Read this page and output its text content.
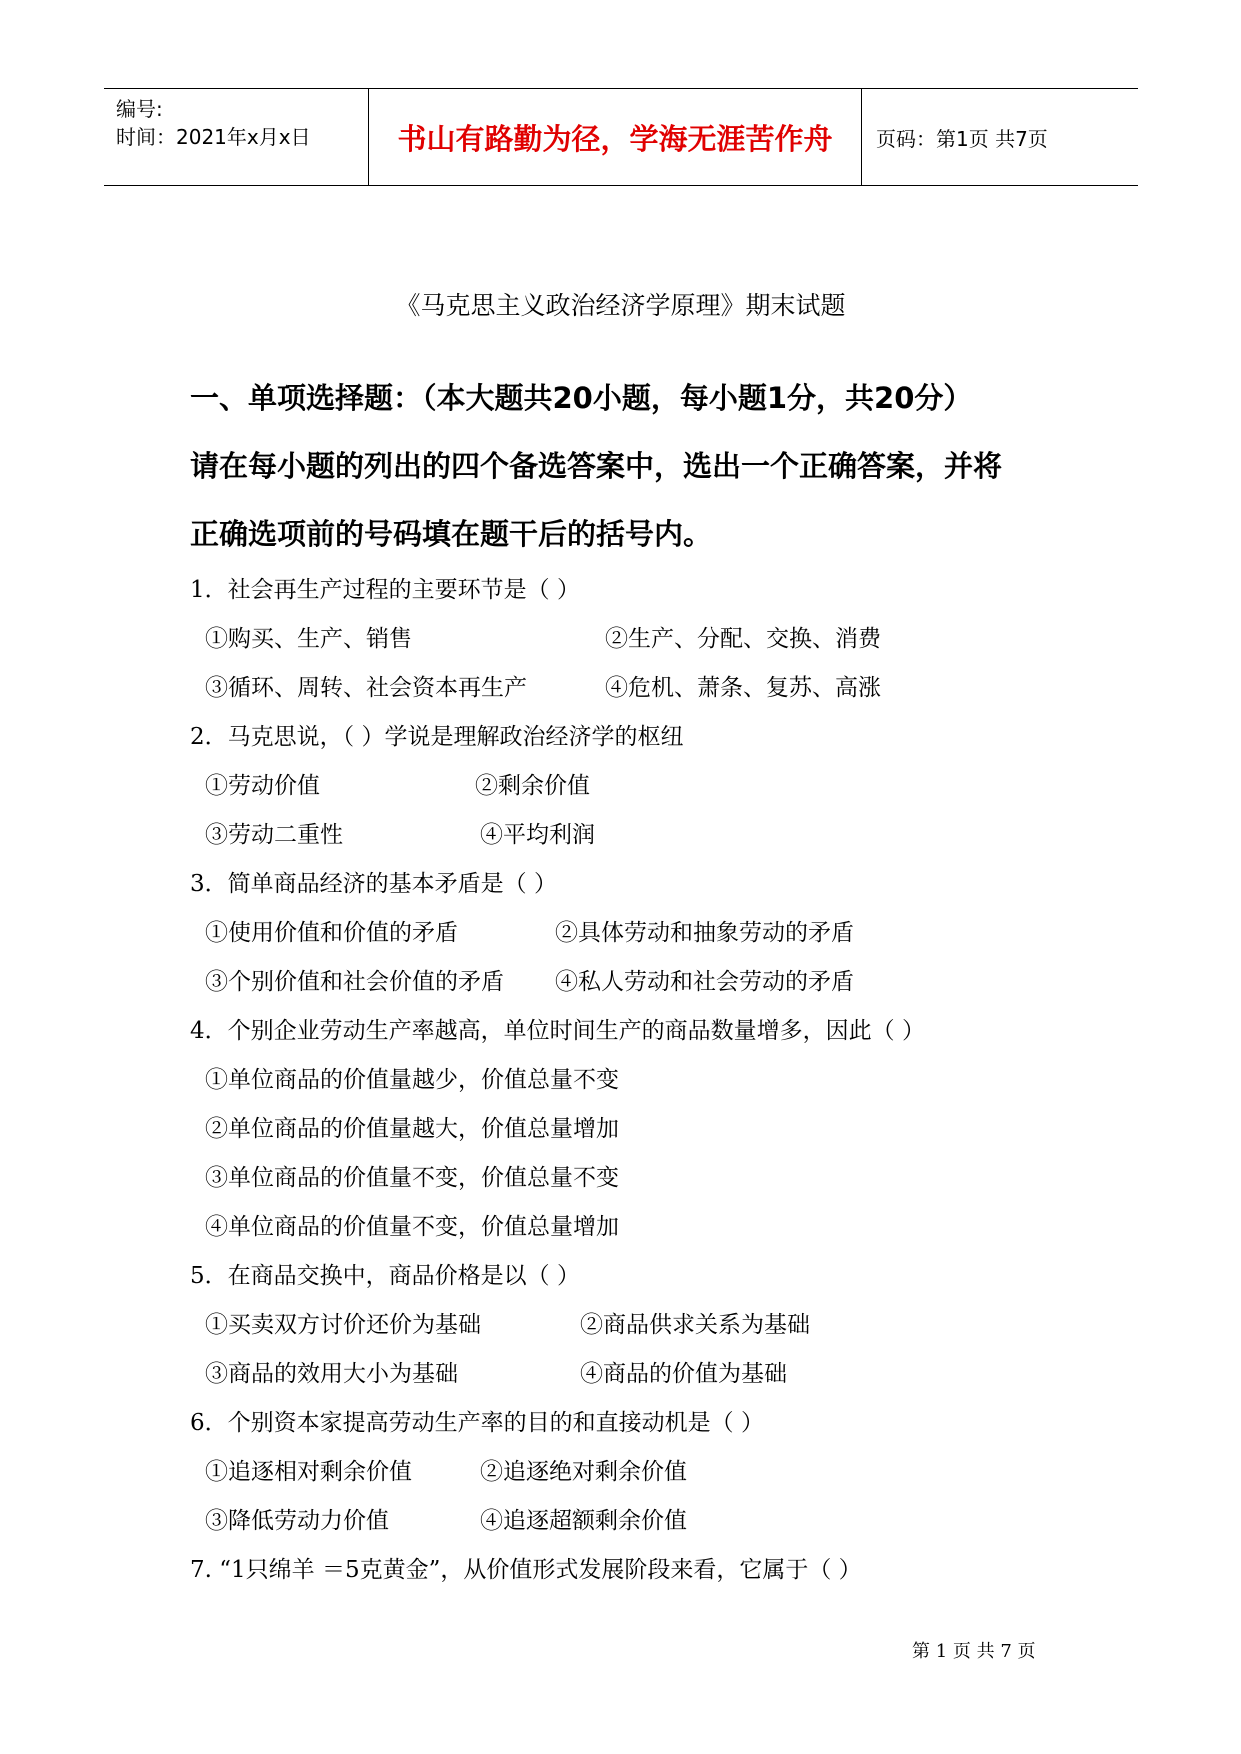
编号:
时间：2021年x月x日	书山有路勤为径，学海无涯苦作舟	页码：第1页 共7页
《马克思主义政治经济学原理》期末试题
一、单项选择题：（本大题共20小题，每小题1分，共20分）
请在每小题的列出的四个备选答案中，选出一个正确答案，并将
正确选项前的号码填在题干后的括号内。
1．社会再生产过程的主要环节是（ ）
①购买、生产、销售	②生产、分配、交换、消费
③循环、周转、社会资本再生产	④危机、萧条、复苏、高涨
2．马克思说，（ ）学说是理解政治经济学的枢纽
①劳动价值	②剩余价值
③劳动二重性	④平均利润
3．简单商品经济的基本矛盾是（ ）
①使用价值和价值的矛盾	②具体劳动和抽象劳动的矛盾
③个别价值和社会价值的矛盾 ④私人劳动和社会劳动的矛盾
4．个别企业劳动生产率越高，单位时间生产的商品数量增多，因此（ ）
①单位商品的价值量越少，价值总量不变
②单位商品的价值量越大，价值总量增加
③单位商品的价值量不变，价值总量不变
④单位商品的价值量不变，价值总量增加
5．在商品交换中，商品价格是以（ ）
①买卖双方讨价还价为基础	②商品供求关系为基础
③商品的效用大小为基础	④商品的价值为基础
6．个别资本家提高劳动生产率的目的和直接动机是（ ）
①追逐相对剩余价值	②追逐绝对剩余价值
③降低劳动力价值	④追逐超额剩余价值
7. “1只绵羊 ＝5克黄金”，从价值形式发展阶段来看，它属于（ ）
第 1 页 共 7 页
